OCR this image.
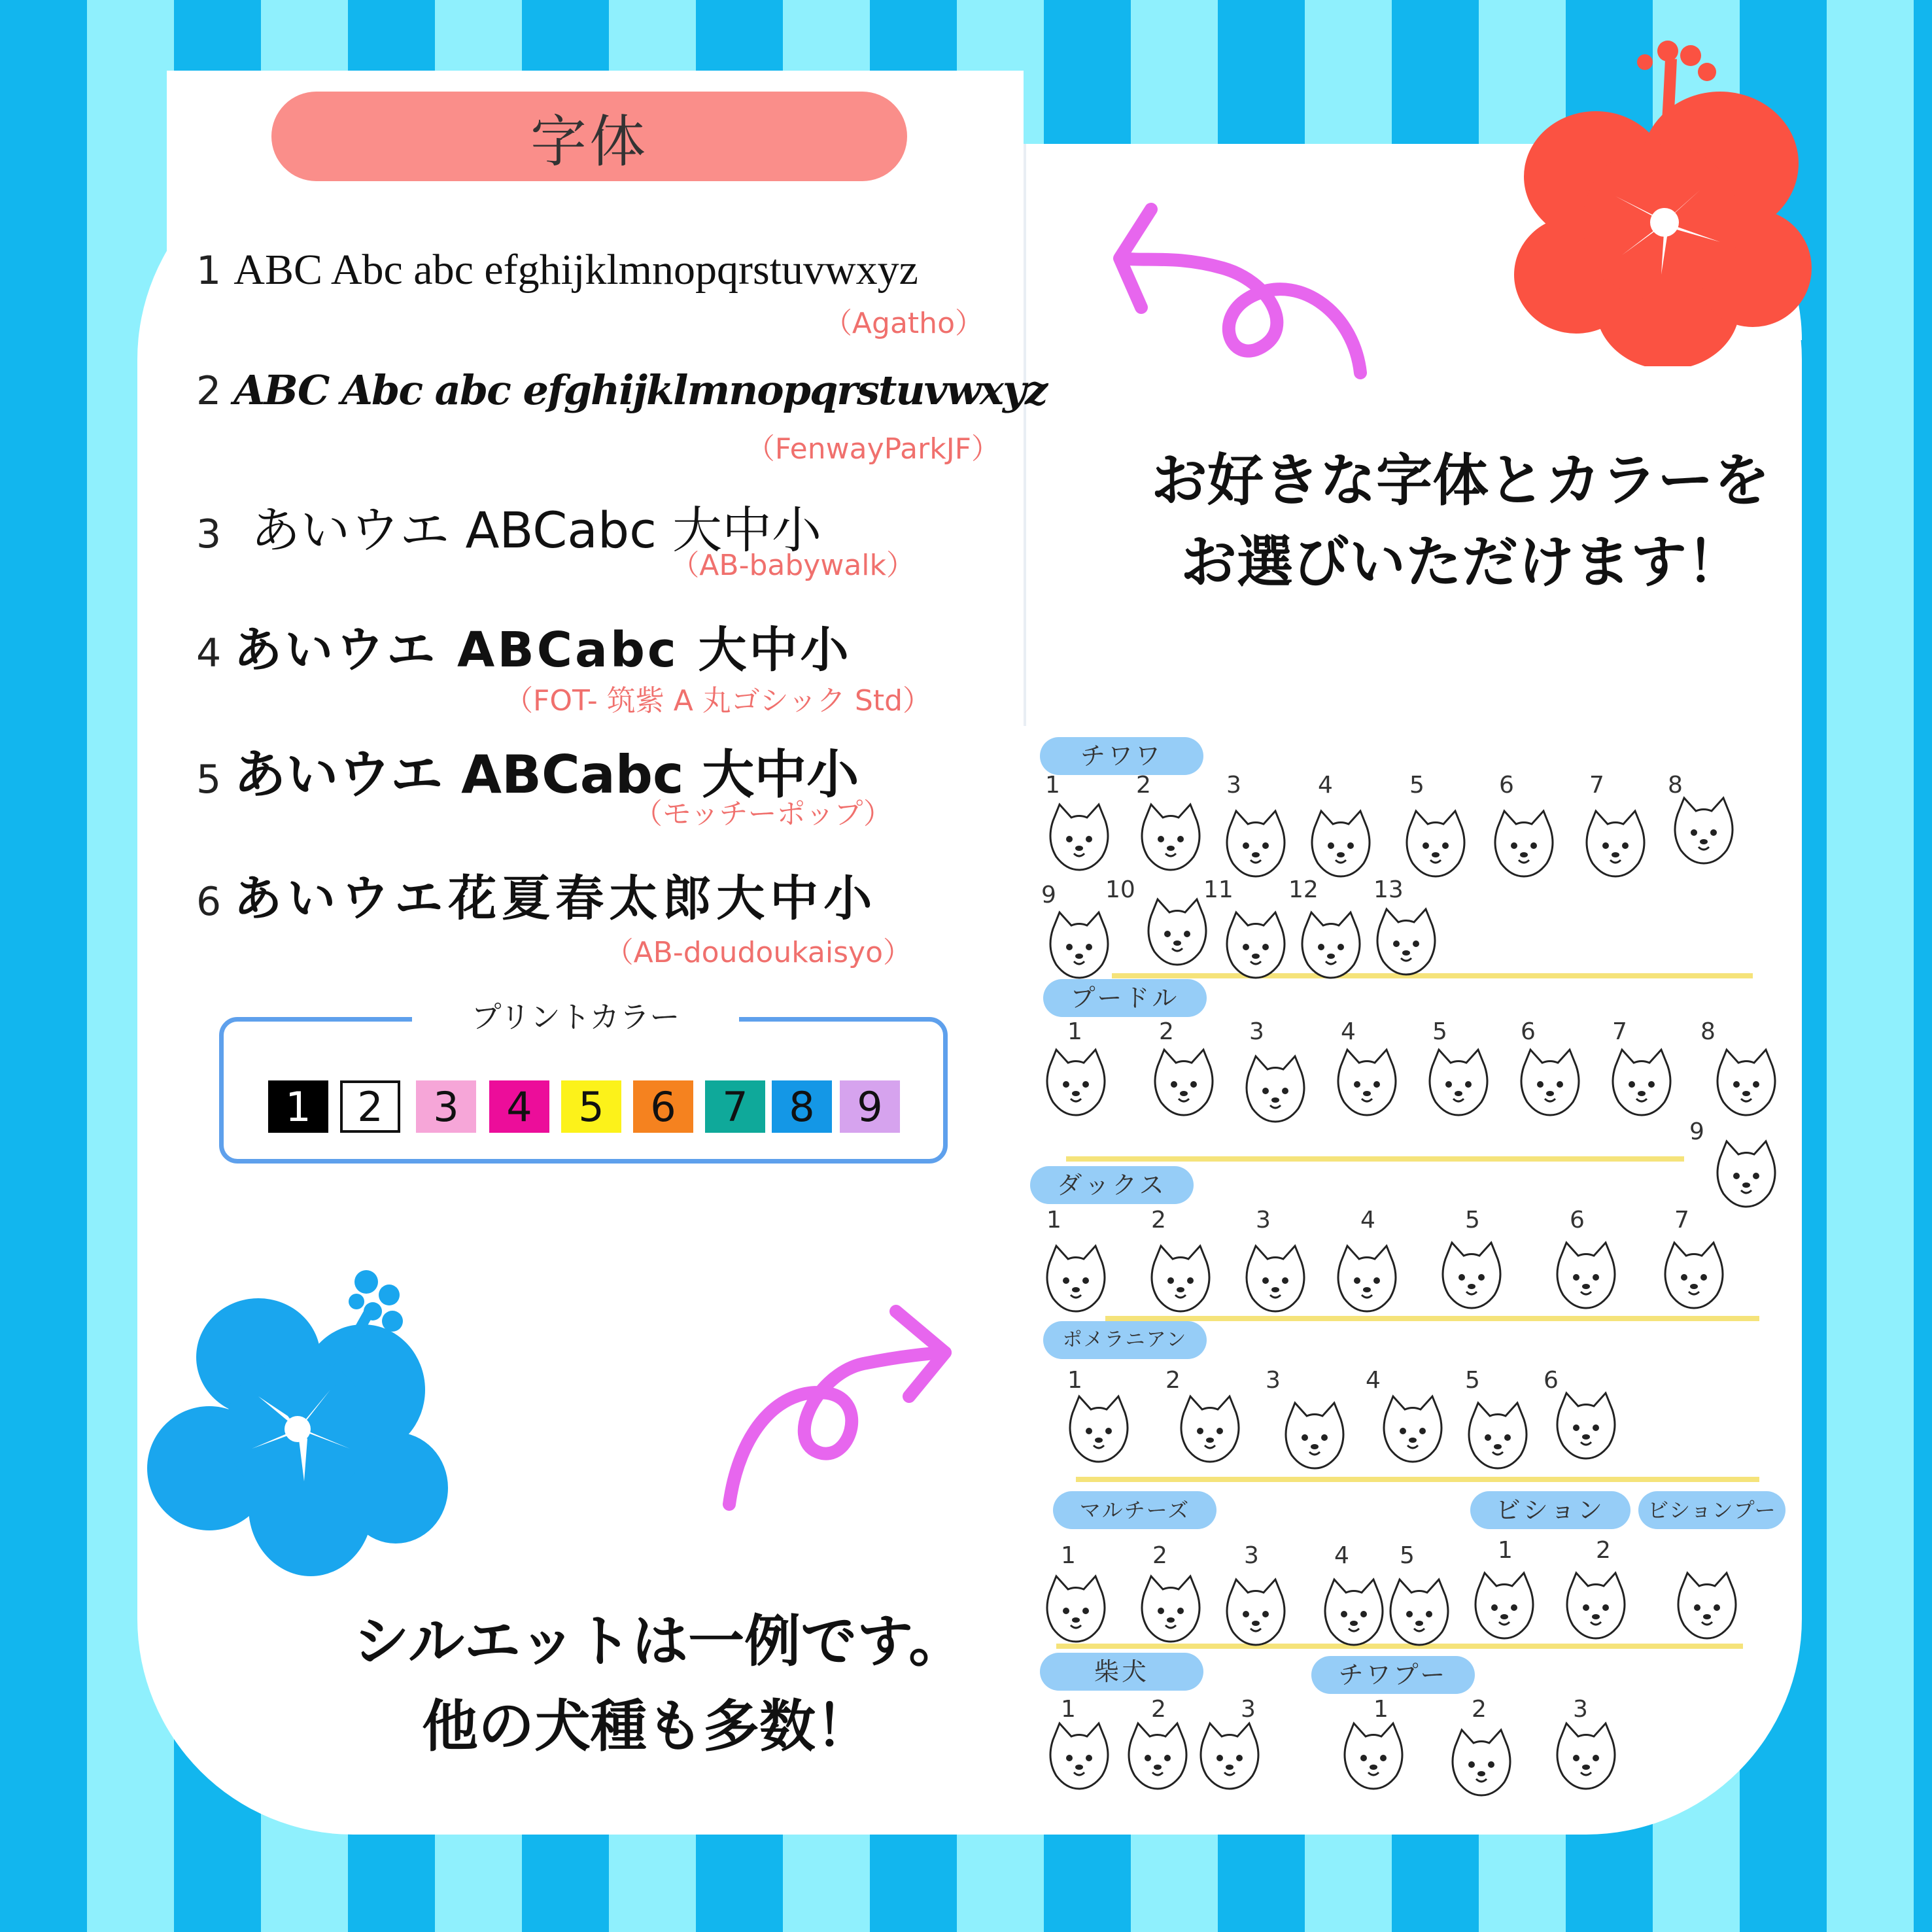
字体
1 ABC Abc abc efghijklmnopqrstuvwxyz
（Agatho）
2 ABC Abc abc efghijklmnopqrstuvwxyz
（FenwayParkJF）
3 あいウエ ABCabc 大中小
（AB-babywalk）
4 あいウエ ABCabc 大中小
（FOT- 筑紫 A 丸ゴシック Std）
5 あいウエ ABCabc 大中小
（モッチーポップ）
6 あいウエ花夏春太郎大中小
（AB-doudoukaisyo）
プリントカラー
1	2	3	4	5	6	7	8	9
お好きな字体とカラーを
お選びいただけます！
シルエットは一例です。
他の犬種も多数！
チワワ
プードル
ダックス
ポメラニアン
マルチーズ	ビション	ビションプー
柴犬	チワプー
1	2	3	4	5	6	7	8
9 10	11 12 13
1	2	3	4	5	6	7	8
9
1	2	3	4	5	6	7
1	2	3	4	5	6
1	2	3	4 5	1	2
1	2	3	1	2	3
